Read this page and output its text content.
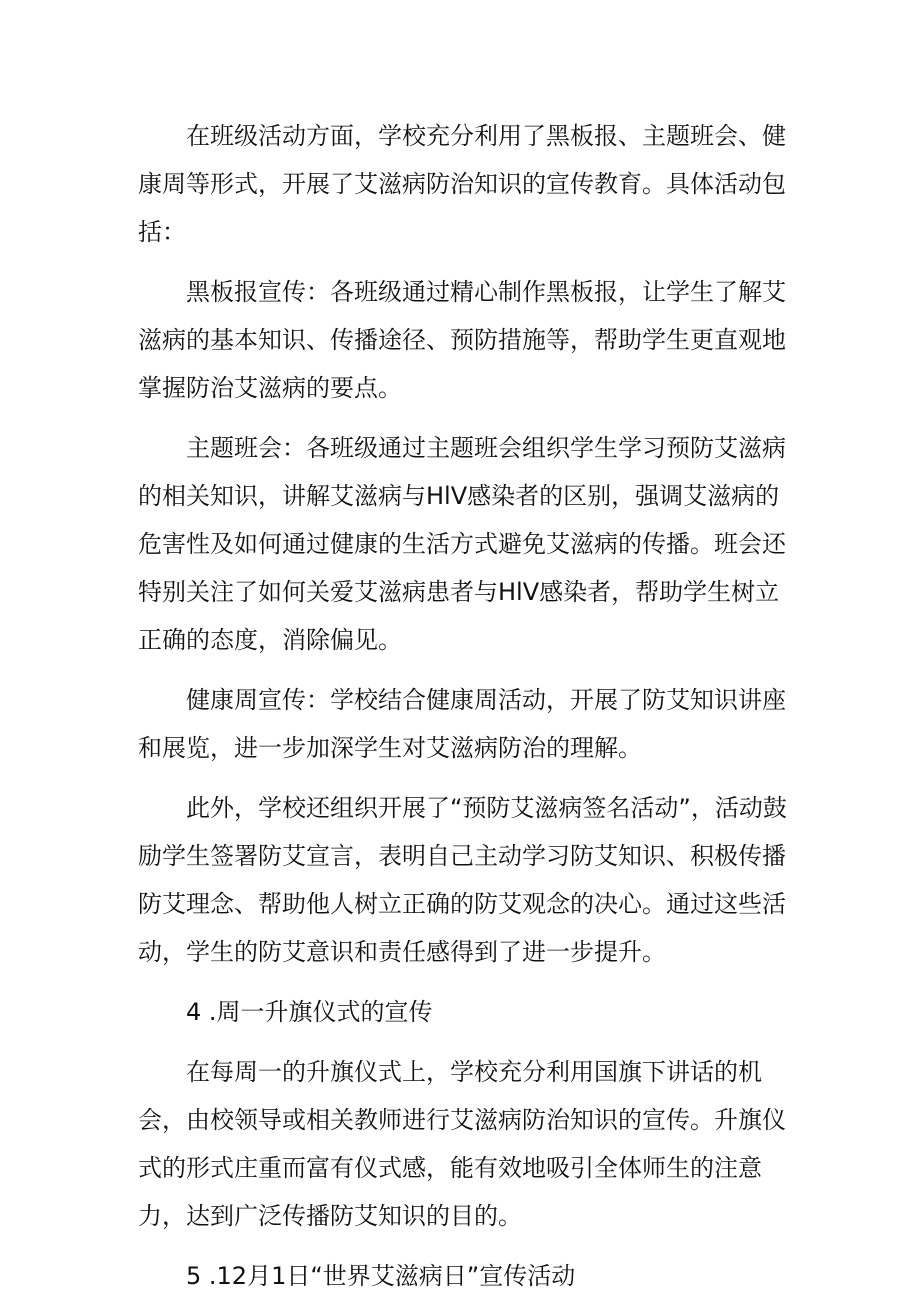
在班级活动方面，学校充分利用了黑板报、主题班会、健康周等形式，开展了艾滋病防治知识的宣传教育。具体活动包括：

黑板报宣传：各班级通过精心制作黑板报，让学生了解艾滋病的基本知识、传播途径、预防措施等，帮助学生更直观地掌握防治艾滋病的要点。

主题班会：各班级通过主题班会组织学生学习预防艾滋病的相关知识，讲解艾滋病与HlV感染者的区别，强调艾滋病的危害性及如何通过健康的生活方式避免艾滋病的传播。班会还特别关注了如何关爱艾滋病患者与HlV感染者，帮助学生树立正确的态度，消除偏见。

健康周宣传：学校结合健康周活动，开展了防艾知识讲座和展览，进一步加深学生对艾滋病防治的理解。

此外，学校还组织开展了“预防艾滋病签名活动”，活动鼓励学生签署防艾宣言，表明自己主动学习防艾知识、积极传播防艾理念、帮助他人树立正确的防艾观念的决心。通过这些活动，学生的防艾意识和责任感得到了进一步提升。

4 .周一升旗仪式的宣传

在每周一的升旗仪式上，学校充分利用国旗下讲话的机会，由校领导或相关教师进行艾滋病防治知识的宣传。升旗仪式的形式庄重而富有仪式感，能有效地吸引全体师生的注意力，达到广泛传播防艾知识的目的。

5 .12月1日“世界艾滋病日”宣传活动
